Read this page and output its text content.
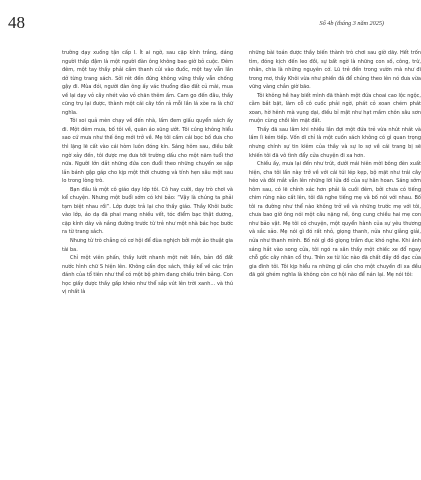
48	Số 4b (tháng 3 năm 2025)

trường dạy xuống tận cấp I. Ít ai ngờ, sau cặp kính trắng, dáng người thấp đậm là một người đàn ông không bao giờ bỏ cuộc. Đêm đêm, một tay thầy phải cầm thanh củi vào đuốc, một tay vẫn lần dở từng trang sách. Sởi rét đến đứng không vững thầy vẫn chống gậy đi. Mùa đói, người đàn ông ấy vác thuổng đào đất củ mài, mua về lại dạy vỏ cây nhét vào vỏ chăn thêm ấm. Cam go đến đâu, thầy cũng trụ lại được, thành một cái cây tốn rả mỗi lần lá xòe ra là chữ nghĩa.

Tôi soi quả mèn chạy về đến nhà, lấm đem giấu quyển sách ấy đi. Một đêm mưa, bố tôi về, quăn áo sũng ướt. Tôi cúng không hiểu sao cứ mưa như thế ông mới trở về. Mẹ tôi cầm cái bọc bố đưa cho thì lặng lẽ cất vào cái hòm luôn đóng kín. Sáng hôm sau, điều bất ngờ xảy đến, tôi được mẹ đưa tới trường dấu cho một năm tuổi thơ nữa. Người lớn dắt những đứa con đuổi theo những chuyến xe sập lắn bánh gập gáp cho kịp một thời chương và tính hẹn sâu một sau lo trong lòng trò.

Bạn đầu là một cô giáo dạy lớp tôi. Cô hay cười, dạy trò chơi và kể chuyện. Nhưng một buổi sớm có khi bảo: “Vậy là chúng ta phải tạm biệt nhau rồi”. Lớp được trả lại cho thầy giáo. Thầy Khôi bước vào lớp, áo dạ đã phai mang nhiều vết, tóc điểm bạc thật dương, cặp kính dày và nắng đường trước từ trẻ như một nhà bác học bước ra từ trang sách.

Nhưng từ trò chẳng có cơ hội để đùa nghịch bởi một ảo thuật gia tài ba.

Chỉ một viên phấn, thầy lướt nhanh một nét liền, bản đồ đất nước hình chữ S hiện lên. Không cần đọc sách, thầy kể về các trận đánh của tổ tiên như thể có một bộ phim đang chiếu trên bảng. Con học giấy được thầy gấp khéo như thể sắp vút lên trời xanh... và thú vị nhất là

những bài toán được thầy biến thành trò chơi sau giờ dãy. Hết trốn tìm, đóng kịch đến leo đồi, sự bất ngờ là những con số, công, trừ, nhân, chia là những nguyên cớ. Lũ trẻ đến trong vườn mà như đi trong mơ, thầy Khôi vừa như phiền đá để chúng theo lên nó đưa vừa vững vàng chắn giờ bão.

Tôi không hề hay biết mình đã thành một đứa choai cao lộc ngộc, cằm bắt bặt, làm cỗ cô cuốc phải ngờ, phát cỏ xoan chém phát xoan, hờ hênh mà vụng dại, điều bỉ mật như hạt mầm chôn sâu sơn muộn cùng chồi lên mặt đất.

Thầy đã sau lâm khi nhiều lần đợi một đứa trẻ vừa nhút nhát và lầm lì kém tiếp. Vốn dĩ chỉ là một cuốn sách không có gì quan trọng nhưng chính sự tin kiêm của thầy và sự lo sợ về cái trang bị sẽ khiến tôi đã vô tình đẩy cửa chuyện đi xa hơn.

Chiều ấy, mưa lại đến như trút, dưới mái hiên mời bông đèn xuất hiện, cha tôi lần này trở về với cái túi lép kẹp, bộ mặt như trái cây héo và đôi mắt vẫn lên những lời lửa đồ của sự hân hoan. Sáng sớm hôm sau, có lẽ chính xác hơn phải là cuối đêm, bởi chưa có tiếng chim rừng nào cất lên, tôi đã nghe tiếng mẹ và bố nói với nhau. Bố tôi ra đường như thể nào không trở về và những trước mẹ với tôi, chưa bao giờ ông nói một câu nặng nề, ông cung chiều hai mẹ con như bảo vật. Mẹ tôi có chuyện, một quyển hành của sự yêu thương và sắc sảo. Mẹ nói gì đó rất nhỏ, giọng thanh, nửa như giằng giải, nửa như thanh minh. Bố nói gì đó giọng trầm đục khó nghe. Khi ánh sáng hắt vào song cửa, tôi ngó ra sân thấy một chiếc xe đổ ngay chỗ gốc cây nhãn cổ thụ. Trên xe từ lúc nào đã chất đầy đồ đạc của gia đình tôi. Tôi kịp hiểu ra những gì cần cho một chuyến đi xa đều đã gói ghém nghĩa là không còn cơ hội nào để nán lại. Mẹ nói tôi:
